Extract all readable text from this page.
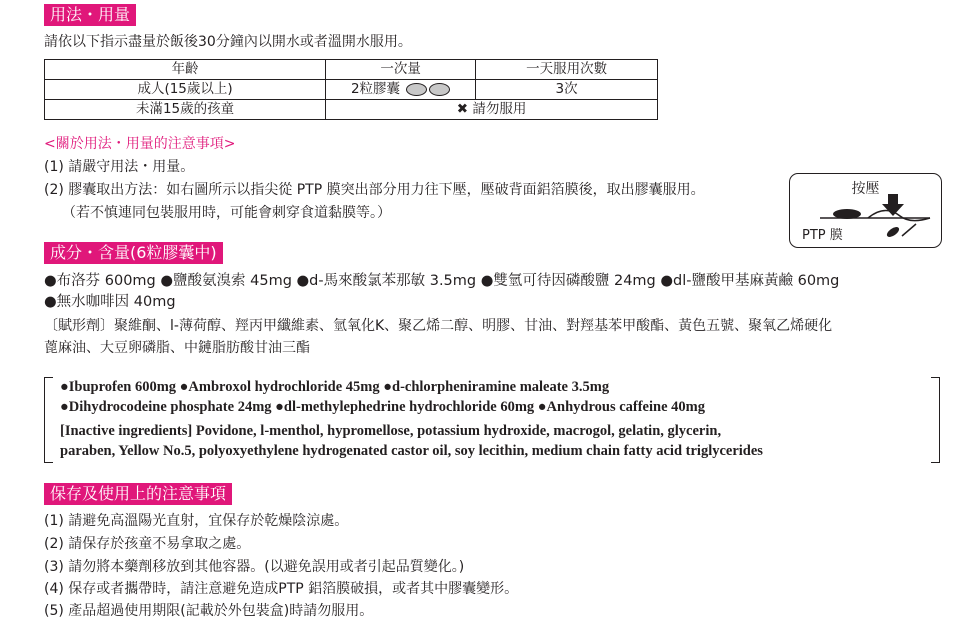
用法・用量
請依以下指示盡量於飯後30分鐘內以開水或者溫開水服用。
年齡	一次量	一天服用次數
成人(15歲以上)	2粒膠囊	3次
未滿15歲的孩童	✖ 請勿服用	
<關於用法・用量的注意事項>
(1) 請嚴守用法・用量。
(2) 膠囊取出方法：如右圖所示以指尖從 PTP 膜突出部分用力往下壓，壓破背面鋁箔膜後，取出膠囊服用。
（若不慎連同包裝服用時，可能會刺穿食道黏膜等。）
按壓
PTP 膜
成分・含量(6粒膠囊中)
●布洛芬 600mg ●鹽酸氨溴索 45mg ●d-馬來酸氯苯那敏 3.5mg ●雙氫可待因磷酸鹽 24mg ●dl-鹽酸甲基麻黃鹼 60mg
●無水咖啡因 40mg
〔賦形劑〕聚維酮、l-薄荷醇、羥丙甲纖維素、氫氧化K、聚乙烯二醇、明膠、甘油、對羥基苯甲酸酯、黃色五號、聚氧乙烯硬化
蓖麻油、大豆卵磷脂、中鏈脂肪酸甘油三酯
●Ibuprofen 600mg ●Ambroxol hydrochloride 45mg ●d-chlorpheniramine maleate 3.5mg
●Dihydrocodeine phosphate 24mg ●dl-methylephedrine hydrochloride 60mg ●Anhydrous caffeine 40mg
[Inactive ingredients] Povidone, l-menthol, hypromellose, potassium hydroxide, macrogol, gelatin, glycerin,
paraben, Yellow No.5, polyoxyethylene hydrogenated castor oil, soy lecithin, medium chain fatty acid triglycerides
保存及使用上的注意事項
(1) 請避免高溫陽光直射，宜保存於乾燥陰涼處。
(2) 請保存於孩童不易拿取之處。
(3) 請勿將本藥劑移放到其他容器。(以避免誤用或者引起品質變化。)
(4) 保存或者攜帶時，請注意避免造成PTP 鋁箔膜破損，或者其中膠囊變形。
(5) 產品超過使用期限(記載於外包裝盒)時請勿服用。
